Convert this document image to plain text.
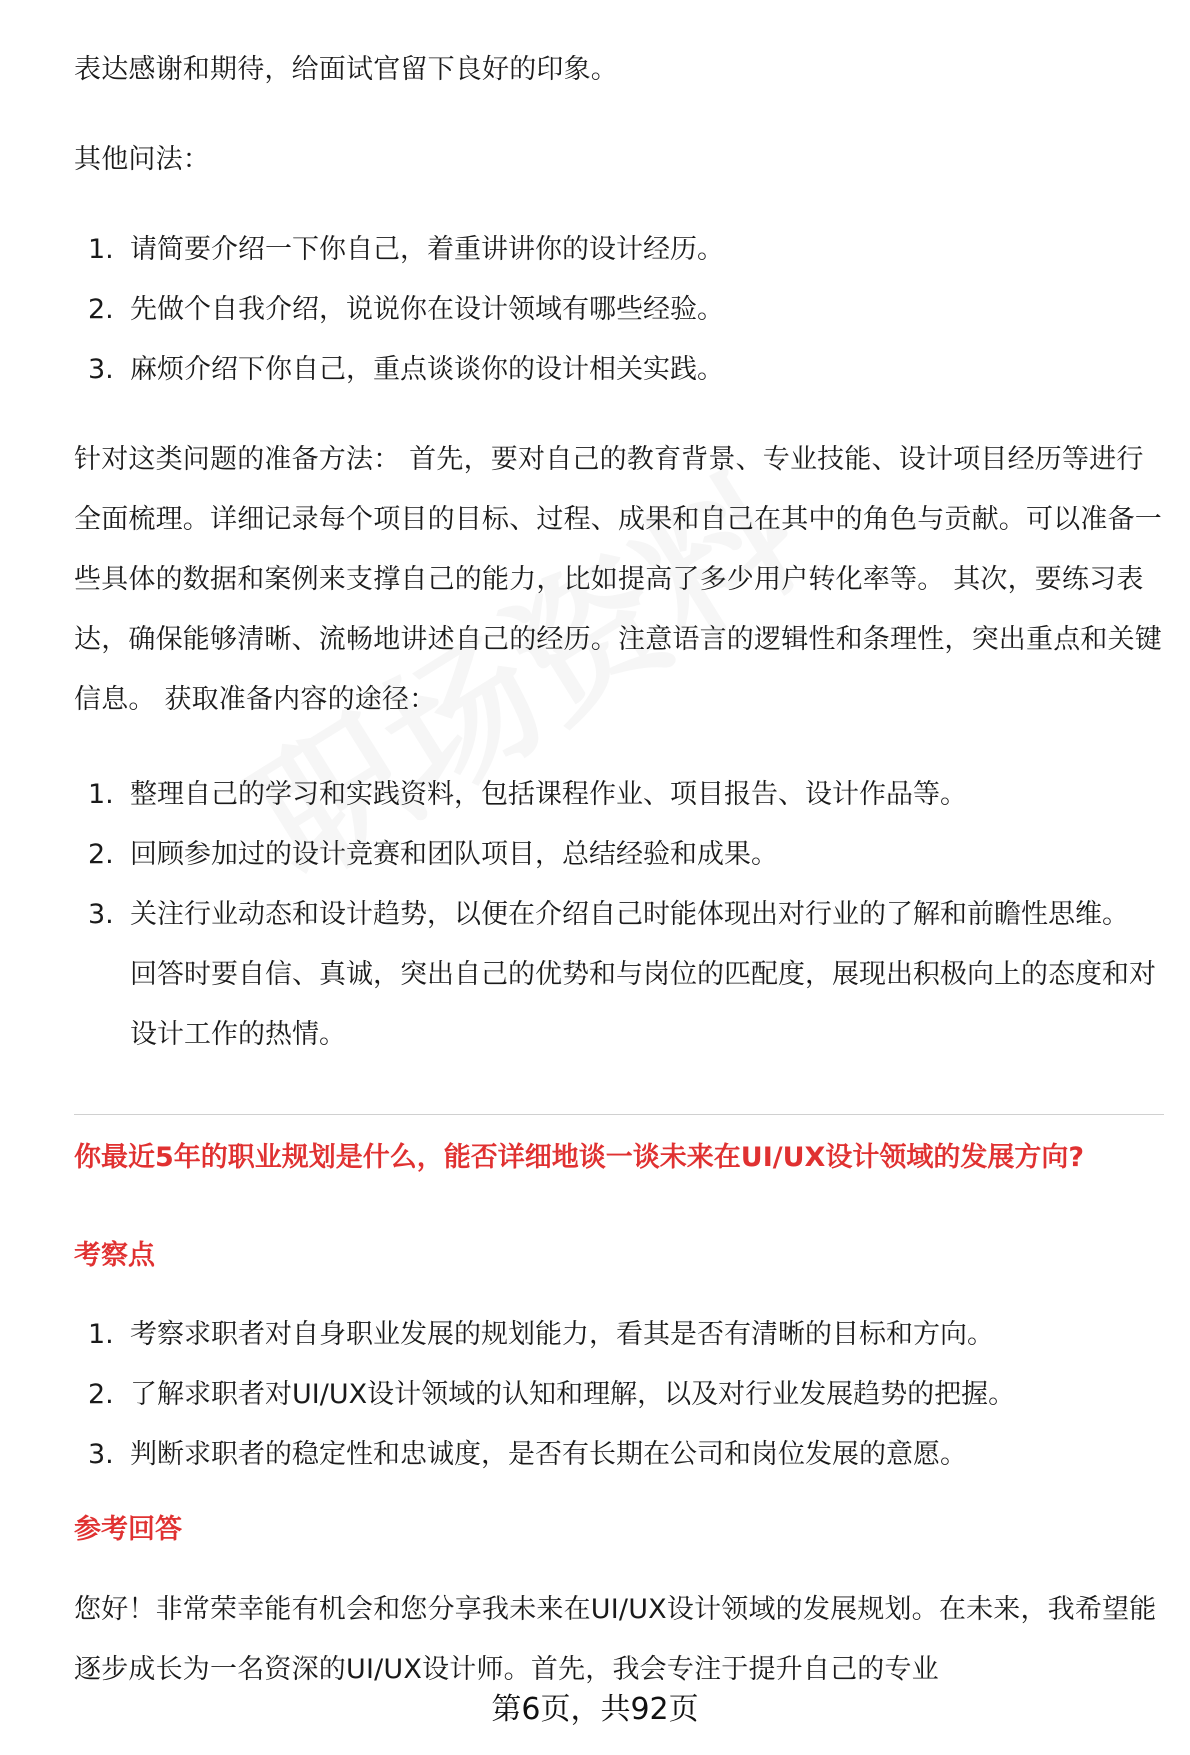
表达感谢和期待，给面试官留下良好的印象。

其他问法：

1. 请简要介绍一下你自己，着重讲讲你的设计经历。
2. 先做个自我介绍，说说你在设计领域有哪些经验。
3. 麻烦介绍下你自己，重点谈谈你的设计相关实践。

针对这类问题的准备方法： 首先，要对自己的教育背景、专业技能、设计项目经历等进行全面梳理。详细记录每个项目的目标、过程、成果和自己在其中的角色与贡献。可以准备一些具体的数据和案例来支撑自己的能力，比如提高了多少用户转化率等。 其次，要练习表达，确保能够清晰、流畅地讲述自己的经历。注意语言的逻辑性和条理性，突出重点和关键信息。 获取准备内容的途径：

1. 整理自己的学习和实践资料，包括课程作业、项目报告、设计作品等。
2. 回顾参加过的设计竞赛和团队项目，总结经验和成果。
3. 关注行业动态和设计趋势，以便在介绍自己时能体现出对行业的了解和前瞻性思维。 回答时要自信、真诚，突出自己的优势和与岗位的匹配度，展现出积极向上的态度和对设计工作的热情。
你最近5年的职业规划是什么，能否详细地谈一谈未来在UI/UX设计领域的发展方向?
考察点
1. 考察求职者对自身职业发展的规划能力，看其是否有清晰的目标和方向。
2. 了解求职者对UI/UX设计领域的认知和理解，以及对行业发展趋势的把握。
3. 判断求职者的稳定性和忠诚度，是否有长期在公司和岗位发展的意愿。
参考回答

您好！非常荣幸能有机会和您分享我未来在UI/UX设计领域的发展规划。在未来，我希望能逐步成长为一名资深的UI/UX设计师。首先，我会专注于提升自己的专业

第6页，共92页
